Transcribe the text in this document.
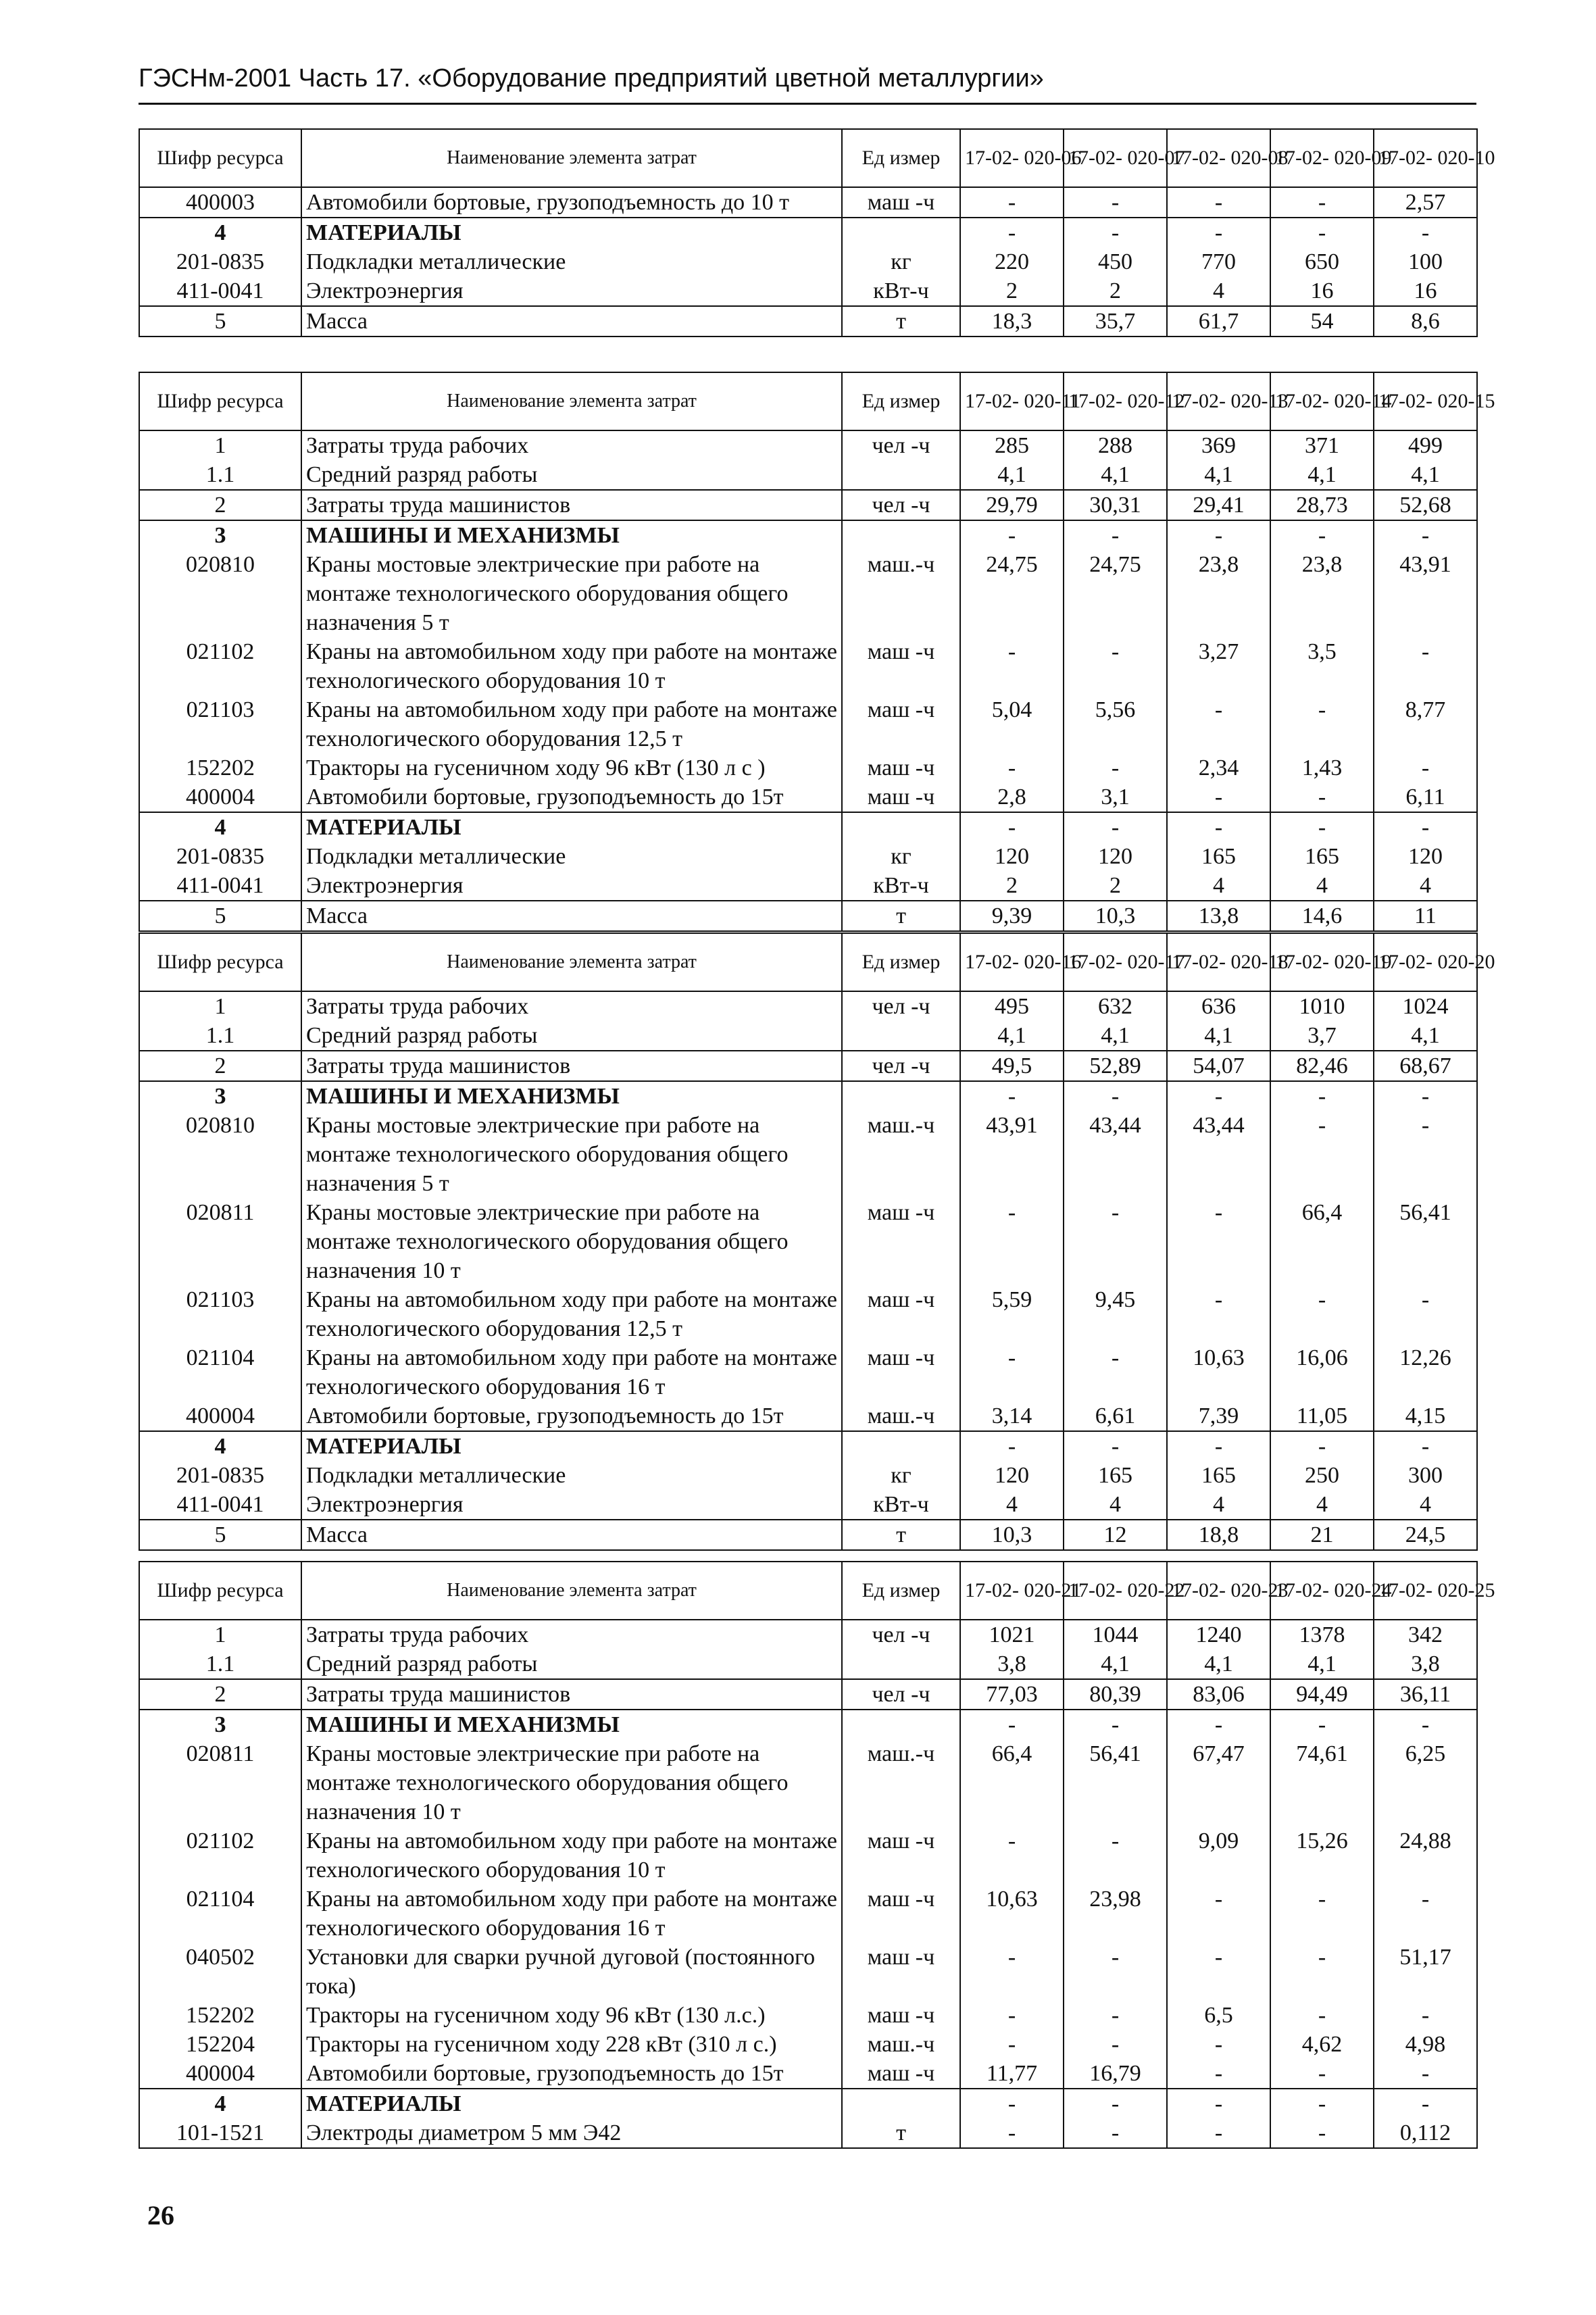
ГЭСНм-2001 Часть 17. «Оборудование предприятий цветной металлургии»
Шифр ресурса	Наименование элемента затрат	Ед измер	17-02- 020-06	17-02- 020-07	17-02- 020-08	17-02- 020-09	17-02- 020-10
400003	Автомобили бортовые, грузоподъемность до 10 т	маш -ч	-	-	-	-	2,57
4	МАТЕРИАЛЫ		-	-	-	-	-
201-0835	Подкладки металлические	кг	220	450	770	650	100
411-0041	Электроэнергия	кВт-ч	2	2	4	16	16
5	Масса	т	18,3	35,7	61,7	54	8,6
Шифр ресурса	Наименование элемента затрат	Ед измер	17-02- 020-11	17-02- 020-12	17-02- 020-13	17-02- 020-14	17-02- 020-15
1	Затраты труда рабочих	чел -ч	285	288	369	371	499
1.1	Средний разряд работы		4,1	4,1	4,1	4,1	4,1
2	Затраты труда машинистов	чел -ч	29,79	30,31	29,41	28,73	52,68
3	МАШИНЫ И МЕХАНИЗМЫ		-	-	-	-	-
020810	Краны мостовые электрические при работе на монтаже технологического оборудования общего назначения 5 т	маш.-ч	24,75	24,75	23,8	23,8	43,91
021102	Краны на автомобильном ходу при работе на монтаже технологического оборудования 10 т	маш -ч	-	-	3,27	3,5	-
021103	Краны на автомобильном ходу при работе на монтаже технологического оборудования 12,5 т	маш -ч	5,04	5,56	-	-	8,77
152202	Тракторы на гусеничном ходу 96 кВт (130 л с )	маш -ч	-	-	2,34	1,43	-
400004	Автомобили бортовые, грузоподъемность до 15т	маш -ч	2,8	3,1	-	-	6,11
4	МАТЕРИАЛЫ		-	-	-	-	-
201-0835	Подкладки металлические	кг	120	120	165	165	120
411-0041	Электроэнергия	кВт-ч	2	2	4	4	4
5	Масса	т	9,39	10,3	13,8	14,6	11
Шифр ресурса	Наименование элемента затрат	Ед измер	17-02- 020-16	17-02- 020-17	17-02- 020-18	17-02- 020-19	17-02- 020-20
1	Затраты труда рабочих	чел -ч	495	632	636	1010	1024
1.1	Средний разряд работы		4,1	4,1	4,1	3,7	4,1
2	Затраты труда машинистов	чел -ч	49,5	52,89	54,07	82,46	68,67
3	МАШИНЫ И МЕХАНИЗМЫ		-	-	-	-	-
020810	Краны мостовые электрические при работе на монтаже технологического оборудования общего назначения 5 т	маш.-ч	43,91	43,44	43,44	-	-
020811	Краны мостовые электрические при работе на монтаже технологического оборудования общего назначения 10 т	маш -ч	-	-	-	66,4	56,41
021103	Краны на автомобильном ходу при работе на монтаже технологического оборудования 12,5 т	маш -ч	5,59	9,45	-	-	-
021104	Краны на автомобильном ходу при работе на монтаже технологического оборудования 16 т	маш -ч	-	-	10,63	16,06	12,26
400004	Автомобили бортовые, грузоподъемность до 15т	маш.-ч	3,14	6,61	7,39	11,05	4,15
4	МАТЕРИАЛЫ		-	-	-	-	-
201-0835	Подкладки металлические	кг	120	165	165	250	300
411-0041	Электроэнергия	кВт-ч	4	4	4	4	4
5	Масса	т	10,3	12	18,8	21	24,5
Шифр ресурса	Наименование элемента затрат	Ед измер	17-02- 020-21	17-02- 020-22	17-02- 020-23	17-02- 020-24	17-02- 020-25
1	Затраты труда рабочих	чел -ч	1021	1044	1240	1378	342
1.1	Средний разряд работы		3,8	4,1	4,1	4,1	3,8
2	Затраты труда машинистов	чел -ч	77,03	80,39	83,06	94,49	36,11
3	МАШИНЫ И МЕХАНИЗМЫ		-	-	-	-	-
020811	Краны мостовые электрические при работе на монтаже технологического оборудования общего назначения 10 т	маш.-ч	66,4	56,41	67,47	74,61	6,25
021102	Краны на автомобильном ходу при работе на монтаже технологического оборудования 10 т	маш -ч	-	-	9,09	15,26	24,88
021104	Краны на автомобильном ходу при работе на монтаже технологического оборудования 16 т	маш -ч	10,63	23,98	-	-	-
040502	Установки для сварки ручной дуговой (постоянного тока)	маш -ч	-	-	-	-	51,17
152202	Тракторы на гусеничном ходу 96 кВт (130 л.с.)	маш -ч	-	-	6,5	-	-
152204	Тракторы на гусеничном ходу 228 кВт (310 л с.)	маш.-ч	-	-	-	4,62	4,98
400004	Автомобили бортовые, грузоподъемность до 15т	маш -ч	11,77	16,79	-	-	-
4	МАТЕРИАЛЫ		-	-	-	-	-
101-1521	Электроды диаметром 5 мм Э42	т	-	-	-	-	0,112
26
